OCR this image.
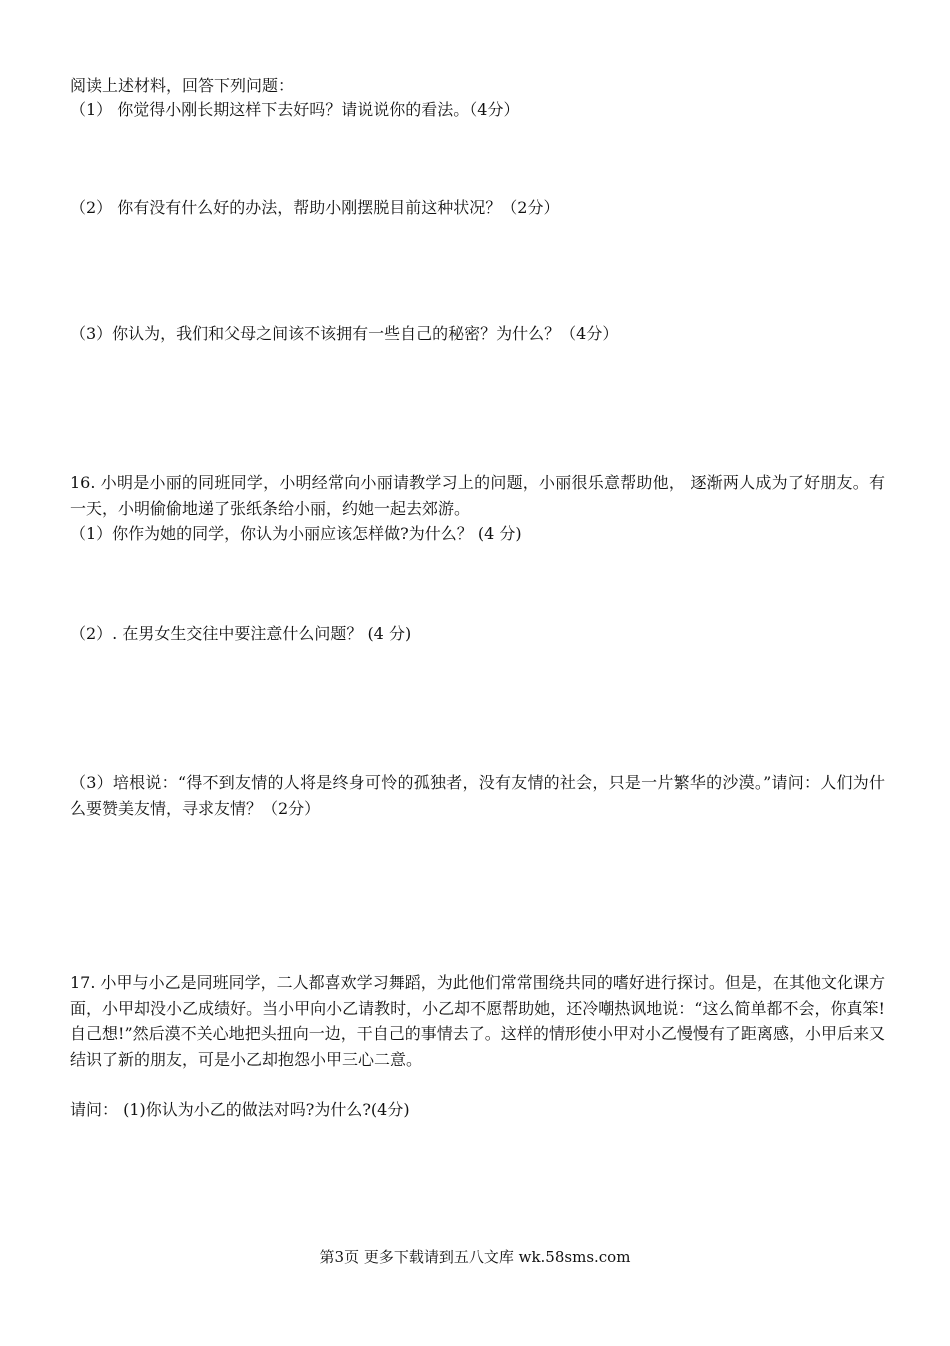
阅读上述材料，回答下列问题：
（1） 你觉得小刚长期这样下去好吗？请说说你的看法。（4分）
（2） 你有没有什么好的办法，帮助小刚摆脱目前这种状况？（2分）
（3）你认为，我们和父母之间该不该拥有一些自己的秘密？为什么？（4分）
16. 小明是小丽的同班同学，小明经常向小丽请教学习上的问题，小丽很乐意帮助他， 逐渐两人成为了好朋友。有一天，小明偷偷地递了张纸条给小丽，约她一起去郊游。
（1）你作为她的同学，你认为小丽应该怎样做?为什么？ (4 分)
（2）. 在男女生交往中要注意什么问题？ (4 分)
（3）培根说：“得不到友情的人将是终身可怜的孤独者，没有友情的社会，只是一片繁华的沙漠。”请问：人们为什么要赞美友情，寻求友情？（2分）
17. 小甲与小乙是同班同学，二人都喜欢学习舞蹈，为此他们常常围绕共同的嗜好进行探讨。但是，在其他文化课方面，小甲却没小乙成绩好。当小甲向小乙请教时，小乙却不愿帮助她，还冷嘲热讽地说：“这么简单都不会，你真笨!自己想!”然后漠不关心地把头扭向一边，干自己的事情去了。这样的情形使小甲对小乙慢慢有了距离感，小甲后来又结识了新的朋友，可是小乙却抱怨小甲三心二意。
请问： (1)你认为小乙的做法对吗?为什么?(4分)
第3页 更多下载请到五八文库 wk.58sms.com
